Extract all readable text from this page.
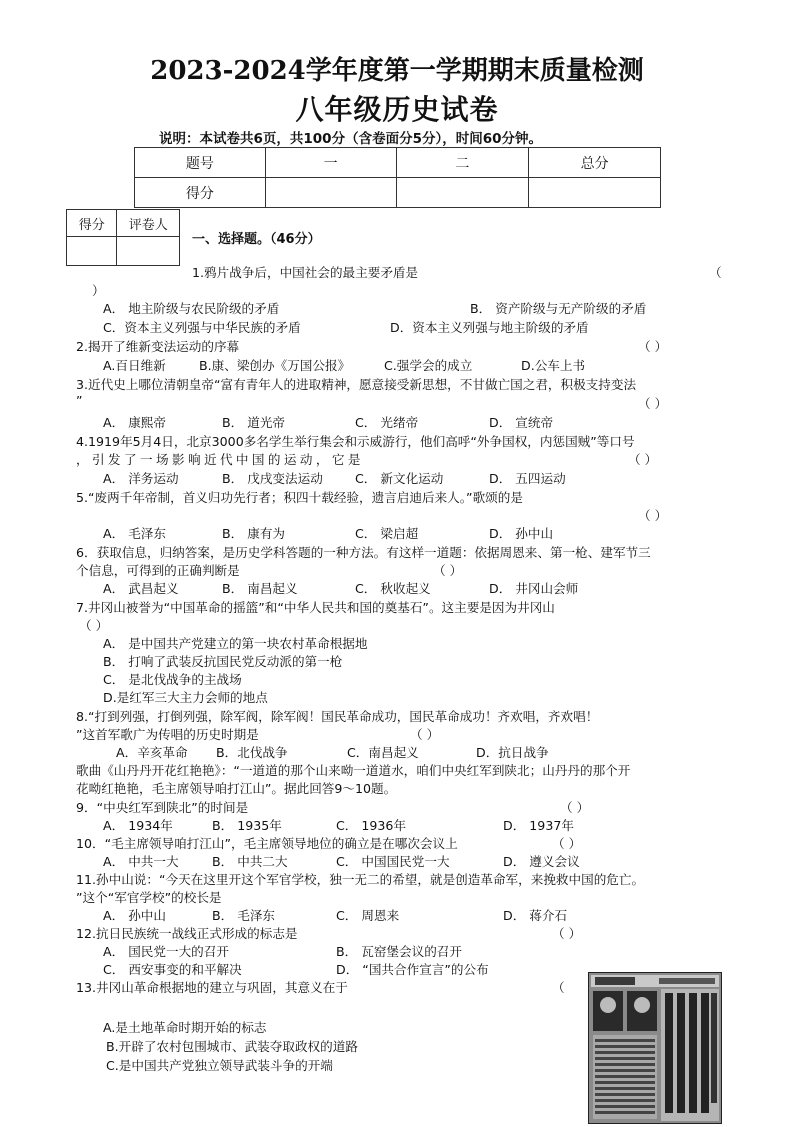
2023-2024学年度第一学期期末质量检测
八年级历史试卷
说明：本试卷共6页，共100分（含卷面分5分），时间60分钟。
题号	一	二	总分
得分			
得分	评卷人

一、选择题。（46分）
1.鸦片战争后，中国社会的最主要矛盾是	（
）
A． 地主阶级与农民阶级的矛盾	B． 资产阶级与无产阶级的矛盾
C．资本主义列强与中华民族的矛盾	D．资本主义列强与地主阶级的矛盾
2.揭开了维新变法运动的序幕	（ ）
A.百日维新	B.康、梁创办《万国公报》	C.强学会的成立	D.公车上书
3.近代史上哪位清朝皇帝“富有青年人的进取精神，愿意接受新思想，不甘做亡国之君，积极支持变法
”	（ ）
A． 康熙帝	B． 道光帝	C． 光绪帝	D． 宣统帝
4.1919年5月4日，北京3000多名学生举行集会和示威游行，他们高呼“外争国权，内惩国贼”等口号
，引发了一场影响近代中国的运动，它是	（ ）
A． 洋务运动	B． 戊戌变法运动	C． 新文化运动	D． 五四运动
5.“废两千年帝制，首义归功先行者；积四十载经验，遗言启迪后来人。”歌颂的是
（ ）
A． 毛泽东	B． 康有为	C． 梁启超	D． 孙中山
6．获取信息，归纳答案，是历史学科答题的一种方法。有这样一道题：依据周恩来、第一枪、建军节三
个信息，可得到的正确判断是	（ ）
A． 武昌起义	B． 南昌起义	C． 秋收起义	D． 井冈山会师
7.井冈山被誉为“中国革命的摇篮”和“中华人民共和国的奠基石”。这主要是因为井冈山
（ ）
A． 是中国共产党建立的第一块农村革命根据地
B． 打响了武装反抗国民党反动派的第一枪
C． 是北伐战争的主战场
D.是红军三大主力会师的地点
8.“打到列强，打倒列强，除军阀，除军阀！国民革命成功，国民革命成功！齐欢唱，齐欢唱！
”这首军歌广为传唱的历史时期是	（ ）
A．辛亥革命 B．北伐战争	C．南昌起义	D．抗日战争
歌曲《山丹丹开花红艳艳》：“一道道的那个山来呦一道道水，咱们中央红军到陕北；山丹丹的那个开
花呦红艳艳，毛主席领导咱打江山”。据此回答9～10题。
9．“中央红军到陕北”的时间是	（ ）
A． 1934年	B． 1935年	C． 1936年	D． 1937年
10．“毛主席领导咱打江山”，毛主席领导地位的确立是在哪次会议上	（ ）
A． 中共一大	B． 中共二大	C． 中国国民党一大	D． 遵义会议
11.孙中山说：“今天在这里开这个军官学校，独一无二的希望，就是创造革命军，来挽救中国的危亡。
”这个“军官学校”的校长是
A． 孙中山	B． 毛泽东	C． 周恩来	D． 蒋介石
12.抗日民族统一战线正式形成的标志是	（ ）
A． 国民党一大的召开	B． 瓦窑堡会议的召开
C． 西安事变的和平解决	D． “国共合作宣言”的公布
13.井冈山革命根据地的建立与巩固，其意义在于	（
A.是土地革命时期开始的标志
B.开辟了农村包围城市、武装夺取政权的道路
C.是中国共产党独立领导武装斗争的开端
